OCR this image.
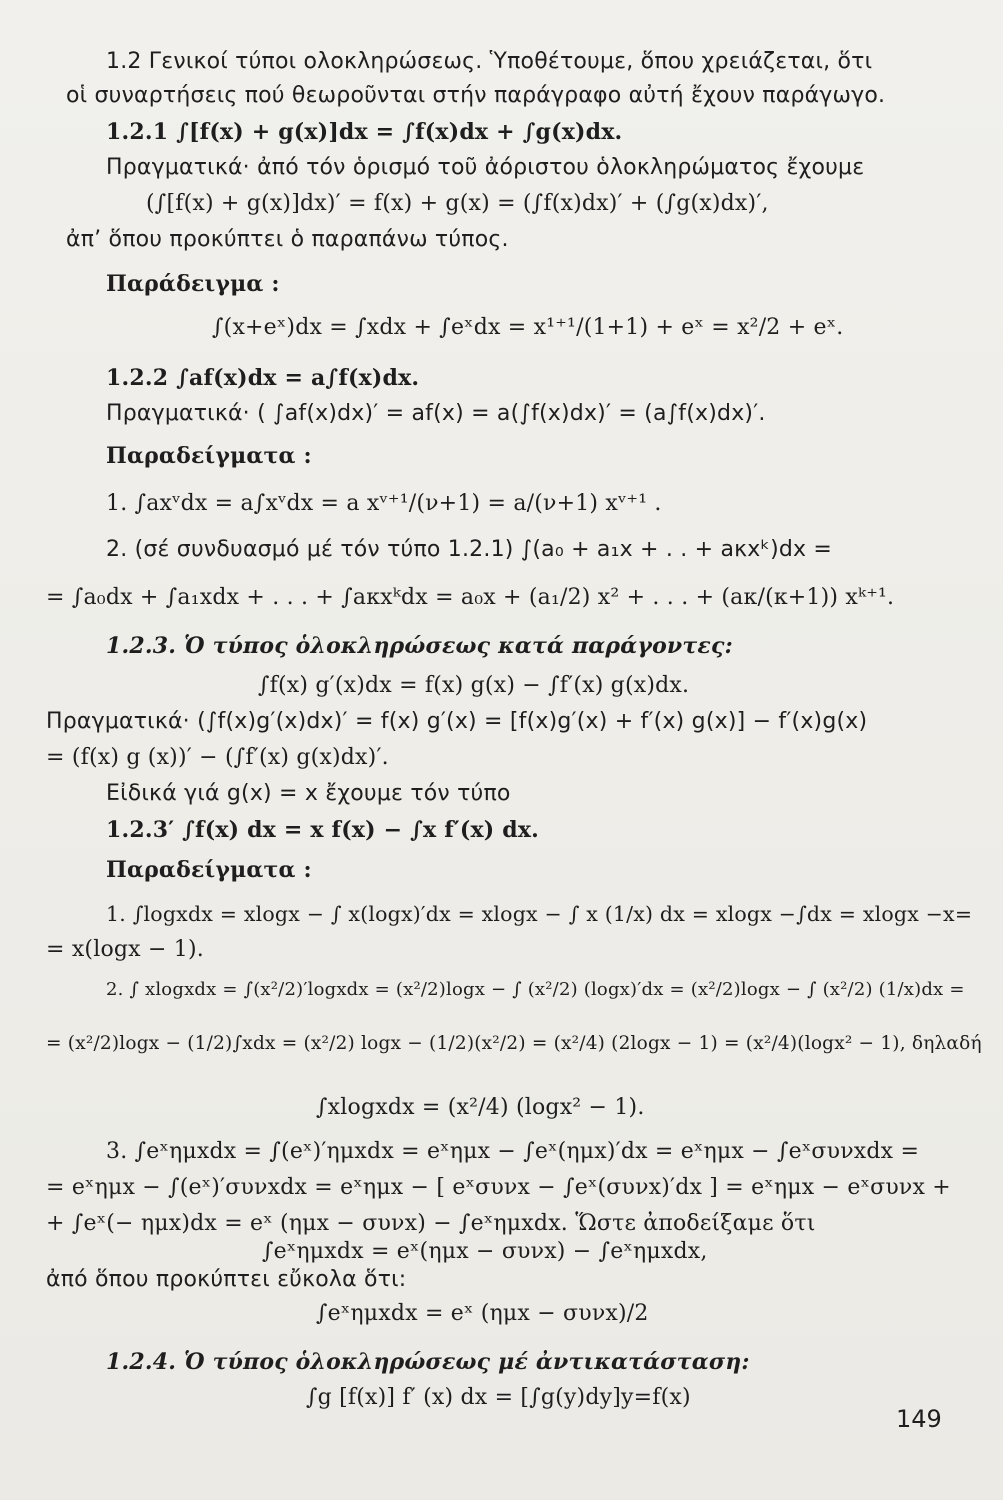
1.2 Γενικοί τύποι ολοκληρώσεως. Ὑποθέτουμε, ὅπου χρειάζεται, ὅτι
οἱ συναρτήσεις πού θεωροῦνται στήν παράγραφο αὐτή ἔχουν παράγωγο.
1.2.1 ∫[f(x) + g(x)]dx = ∫f(x)dx + ∫g(x)dx.
Πραγματικά· ἀπό τόν ὁρισμό τοῦ ἀόριστου ὁλοκληρώματος ἔχουμε
(∫[f(x) + g(x)]dx)′ = f(x) + g(x) = (∫f(x)dx)′ + (∫g(x)dx)′,
ἀπ’ ὅπου προκύπτει ὁ παραπάνω τύπος.
Παράδειγμα :
∫(x+eˣ)dx = ∫xdx + ∫eˣdx = x¹⁺¹/(1+1) + eˣ = x²/2 + eˣ.
1.2.2 ∫af(x)dx = a∫f(x)dx.
Πραγματικά· ( ∫af(x)dx)′ = af(x) = a(∫f(x)dx)′ = (a∫f(x)dx)′.
Παραδείγματα :
1. ∫axᵛdx = a∫xᵛdx = a xᵛ⁺¹/(ν+1) = a/(ν+1) xᵛ⁺¹ .
2. (σέ συνδυασμό μέ τόν τύπο 1.2.1) ∫(a₀ + a₁x + . . + aκxᵏ)dx =
= ∫a₀dx + ∫a₁xdx + . . . + ∫aκxᵏdx = a₀x + (a₁/2) x² + . . . + (aκ/(κ+1)) xᵏ⁺¹.
1.2.3. Ὁ τύπος ὁλοκληρώσεως κατά παράγοντες:
∫f(x) g′(x)dx = f(x) g(x) − ∫f′(x) g(x)dx.
Πραγματικά· (∫f(x)g′(x)dx)′ = f(x) g′(x) = [f(x)g′(x) + f′(x) g(x)] − f′(x)g(x)
= (f(x) g (x))′ − (∫f′(x) g(x)dx)′.
Εἰδικά γιά g(x) = x ἔχουμε τόν τύπο
1.2.3′ ∫f(x) dx = x f(x) − ∫x f′(x) dx.
Παραδείγματα :
1. ∫logxdx = xlogx − ∫ x(logx)′dx = xlogx − ∫ x (1/x) dx = xlogx −∫dx = xlogx −x=
= x(logx − 1).
2. ∫ xlogxdx = ∫(x²/2)′logxdx = (x²/2)logx − ∫ (x²/2) (logx)′dx = (x²/2)logx − ∫ (x²/2) (1/x)dx =
= (x²/2)logx − (1/2)∫xdx = (x²/2) logx − (1/2)(x²/2) = (x²/4) (2logx − 1) = (x²/4)(logx² − 1), δηλαδή
∫xlogxdx = (x²/4) (logx² − 1).
3. ∫eˣημxdx = ∫(eˣ)′ημxdx = eˣημx − ∫eˣ(ημx)′dx = eˣημx − ∫eˣσυνxdx =
= eˣημx − ∫(eˣ)′συνxdx = eˣημx − [ eˣσυνx − ∫eˣ(συνx)′dx ] = eˣημx − eˣσυνx +
+ ∫eˣ(− ημx)dx = eˣ (ημx − συνx) − ∫eˣημxdx. Ὥστε ἀποδείξαμε ὅτι
∫eˣημxdx = eˣ(ημx − συνx) − ∫eˣημxdx,
ἀπό ὅπου προκύπτει εὔκολα ὅτι:
∫eˣημxdx = eˣ (ημx − συνx)/2
1.2.4. Ὁ τύπος ὁλοκληρώσεως μέ ἀντικατάσταση:
∫g [f(x)] f′ (x) dx = [∫g(y)dy]y=f(x)
149
